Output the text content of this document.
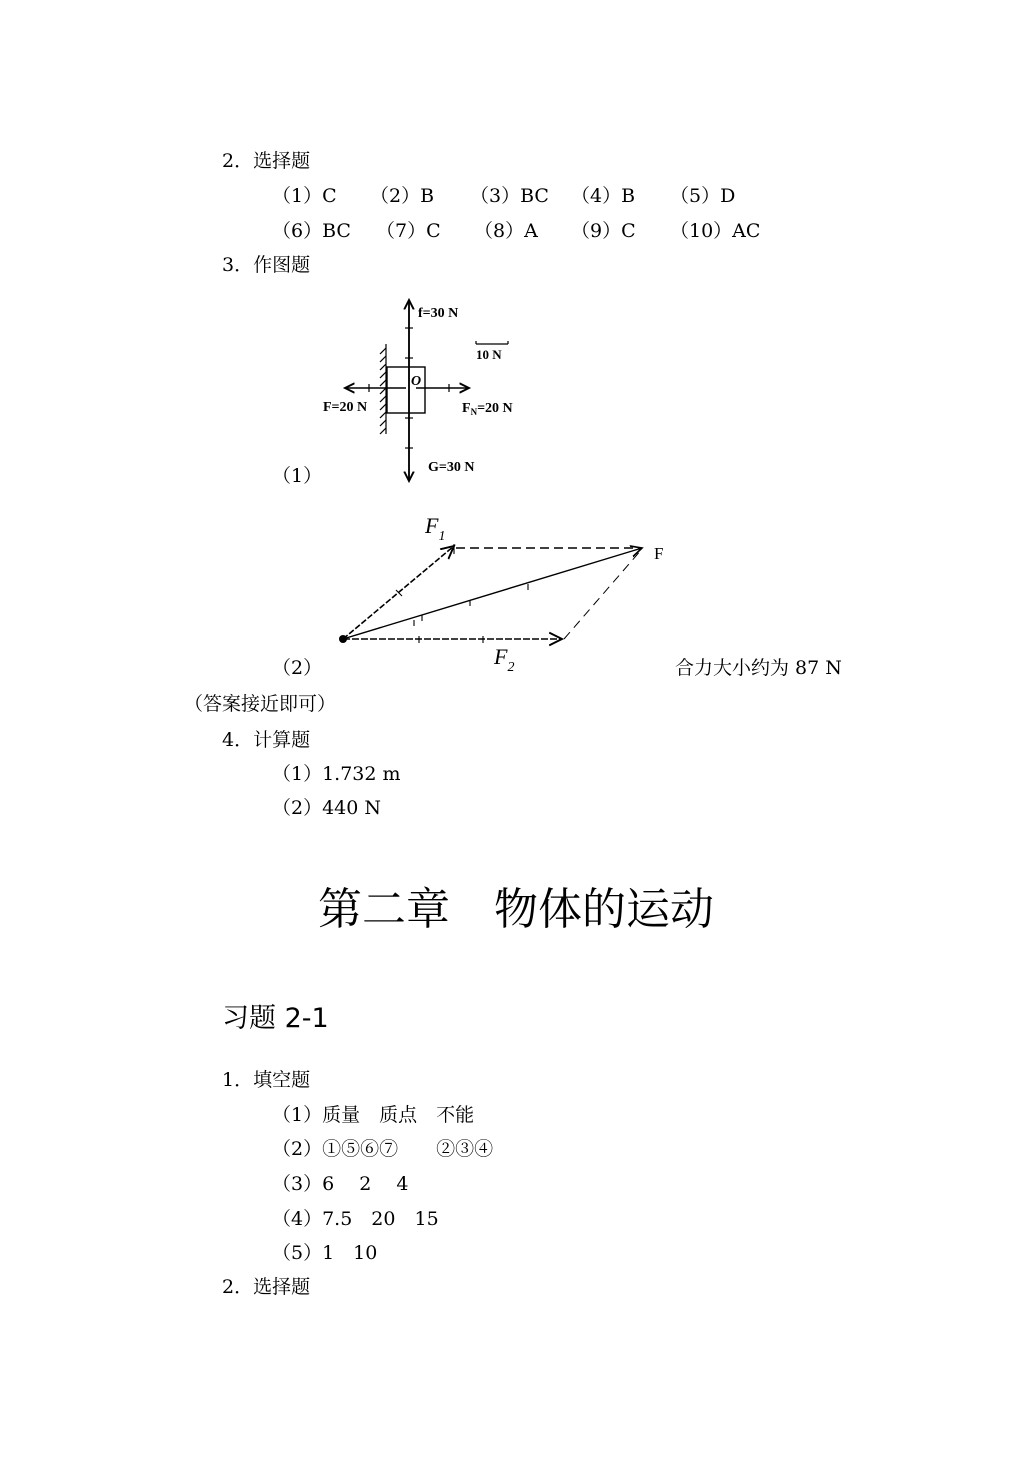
2．选择题
（1）C （2）B （3）BC （4）B （5）D
（6）BC （7）C （8）A （9）C （10）AC
3．作图题
f=30 N
10 N
O
F=20 N	$F_N=20$ N
G=30 N
（1）
$F_1$
$F_2$
F
（2）	合力大小约为 87 N
（答案接近即可）
4．计算题
（1）1.732 m
（2）440 N
第二章　物体的运动
习题 2-1
1．填空题
（1）质量　质点　不能
（2）①⑤⑥⑦　　②③④
（3）6　 2　 4
（4）7.5　20　15
（5）1　10
2．选择题
